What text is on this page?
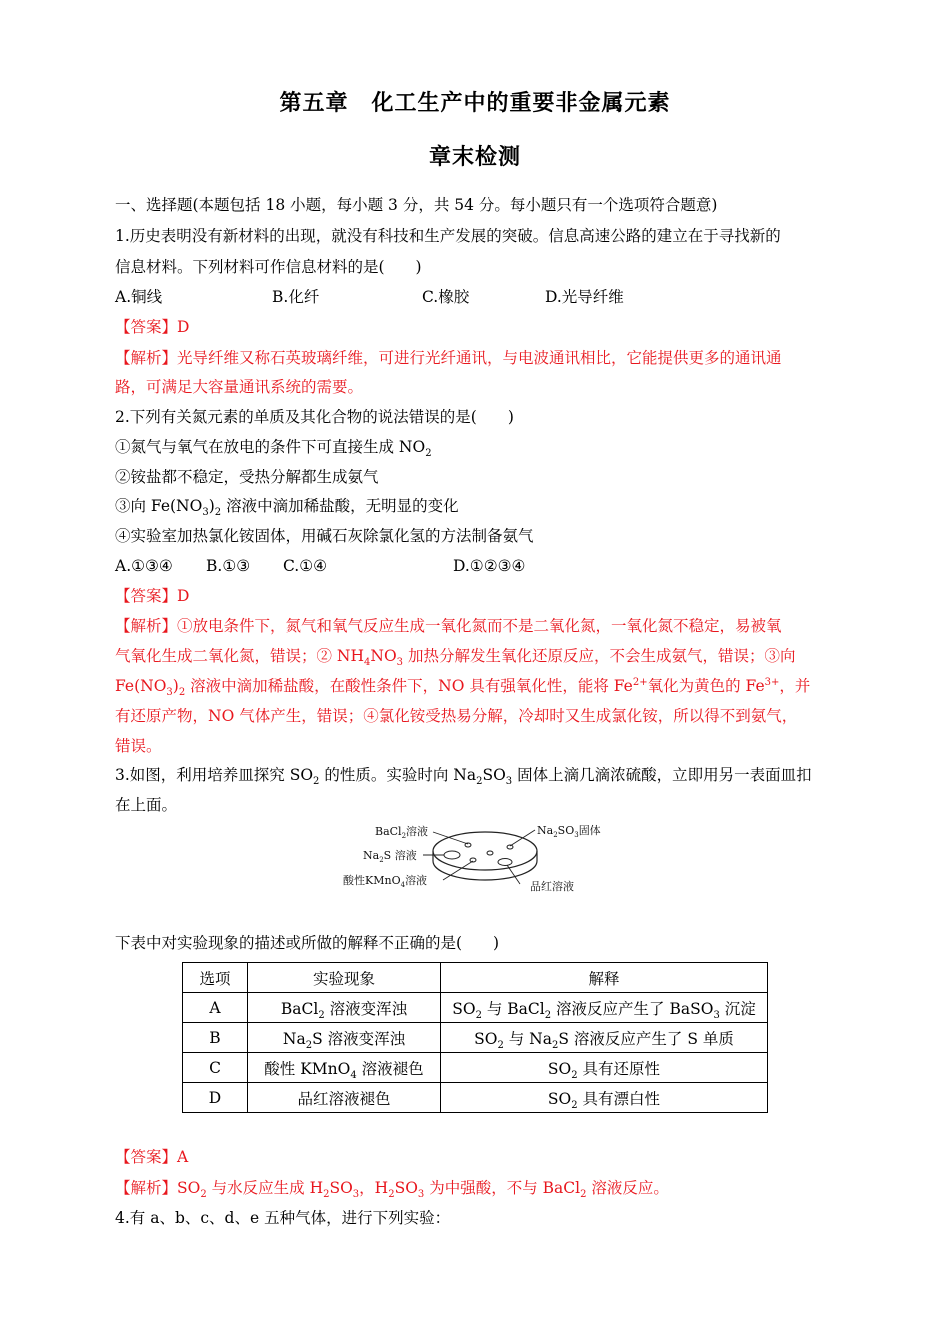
第五章　化工生产中的重要非金属元素
章末检测
一、选择题(本题包括 18 小题，每小题 3 分，共 54 分。每小题只有一个选项符合题意)
1.历史表明没有新材料的出现，就没有科技和生产发展的突破。信息高速公路的建立在于寻找新的
信息材料。下列材料可作信息材料的是(　　)
A.铜线	B.化纤	C.橡胶	D.光导纤维
【答案】D
【解析】光导纤维又称石英玻璃纤维，可进行光纤通讯，与电波通讯相比，它能提供更多的通讯通
路，可满足大容量通讯系统的需要。
2.下列有关氮元素的单质及其化合物的说法错误的是(　　)
①氮气与氧气在放电的条件下可直接生成 $NO_2$
②铵盐都不稳定，受热分解都生成氨气
③向 $Fe(NO_3)_2$ 溶液中滴加稀盐酸，无明显的变化
④实验室加热氯化铵固体，用碱石灰除氯化氢的方法制备氨气
A.①③④ B.①③ C.①④	D.①②③④
【答案】D
【解析】①放电条件下，氮气和氧气反应生成一氧化氮而不是二氧化氮，一氧化氮不稳定，易被氧
气氧化生成二氧化氮，错误；② $NH_4NO_3$ 加热分解发生氧化还原反应，不会生成氨气，错误；③向
$Fe(NO_3)_2$ 溶液中滴加稀盐酸，在酸性条件下，NO 具有强氧化性，能将 $Fe^{2+}$氧化为黄色的 $Fe^{3+}$，并
有还原产物，NO 气体产生，错误；④氯化铵受热易分解，冷却时又生成氯化铵，所以得不到氨气，
错误。
3.如图，利用培养皿探究 $SO_2$ 的性质。实验时向 $Na_2SO_3$ 固体上滴几滴浓硫酸，立即用另一表面皿扣
在上面。
BaCl$_2$溶液	$Na_2SO_3$固体
$Na_2S$ 溶液
酸性KMnO$_4$溶液	品红溶液
下表中对实验现象的描述或所做的解释不正确的是(　　)
选项	实验现象	解释
A	BaCl$_2$ 溶液变浑浊	$SO_2$ 与 BaCl$_2$ 溶液反应产生了 BaSO$_3$ 沉淀
B	$Na_2S$ 溶液变浑浊	$SO_2$ 与 $Na_2S$ 溶液反应产生了 S 单质
C	酸性 KMnO$_4$ 溶液褪色	$SO_2$ 具有还原性
D	品红溶液褪色	$SO_2$ 具有漂白性
【答案】A
【解析】$SO_2$ 与水反应生成 $H_2SO_3$，$H_2SO_3$ 为中强酸，不与 BaCl$_2$ 溶液反应。
4.有 a、b、c、d、e 五种气体，进行下列实验：
